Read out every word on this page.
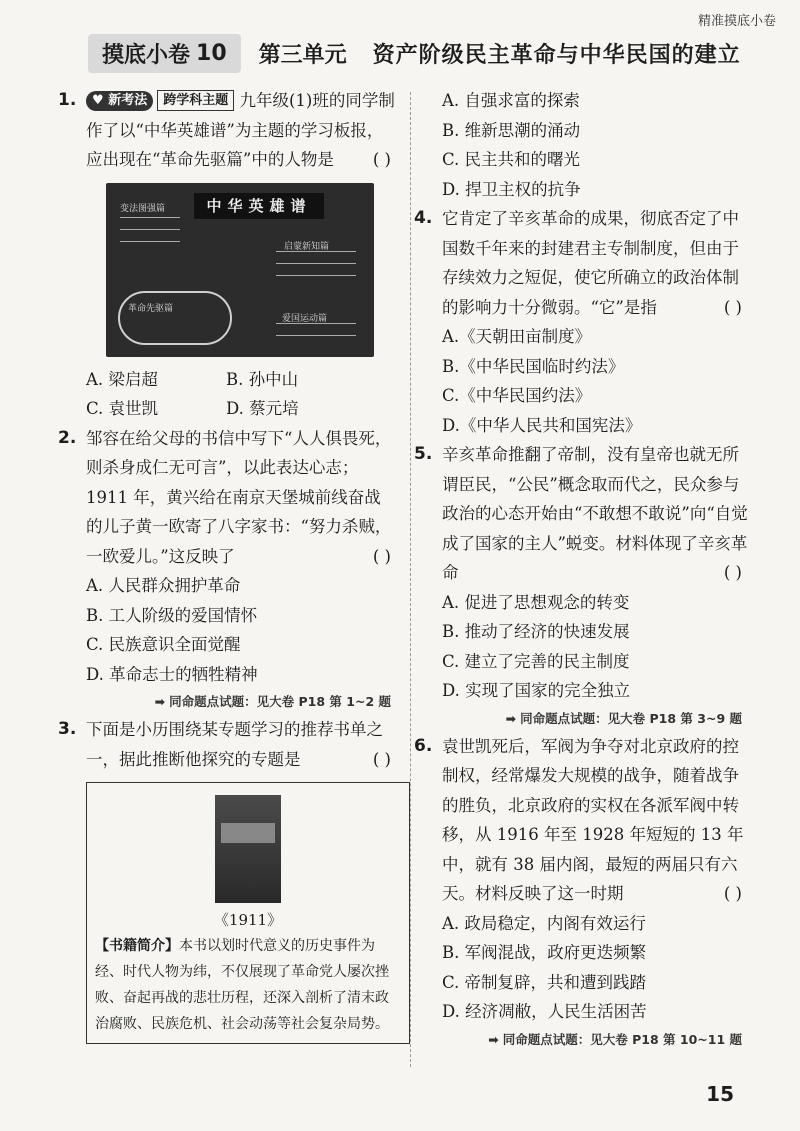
精准摸底小卷
摸底小卷 10 第三单元 资产阶级民主革命与中华民国的建立
1.	♥ 新考法 跨学科主题 九年级(1)班的同学制作了以“中华英雄谱”为主题的学习板报，应出现在“革命先驱篇”中的人物是 ( )
中华英雄谱
变法图强篇
启蒙新知篇
革命先驱篇
爱国运动篇
A. 梁启超	B. 孙中山
C. 袁世凯	D. 蔡元培
2. 邹容在给父母的书信中写下“人人俱畏死，则杀身成仁无可言”，以此表达心志；1911 年，黄兴给在南京天堡城前线奋战的儿子黄一欧寄了八字家书：“努力杀贼，一欧爱儿。”这反映了	( )
A. 人民群众拥护革命
B. 工人阶级的爱国情怀
C. 民族意识全面觉醒
D. 革命志士的牺牲精神
➡ 同命题点试题：见大卷 P18 第 1~2 题
3. 下面是小历围绕某专题学习的推荐书单之一，据此推断他探究的专题是	( )
《1911》
【书籍简介】本书以划时代意义的历史事件为经、时代人物为纬，不仅展现了革命党人屡次挫败、奋起再战的悲壮历程，还深入剖析了清末政治腐败、民族危机、社会动荡等社会复杂局势。
A. 自强求富的探索
B. 维新思潮的涌动
C. 民主共和的曙光
D. 捍卫主权的抗争
4. 它肯定了辛亥革命的成果，彻底否定了中国数千年来的封建君主专制制度，但由于存续效力之短促，使它所确立的政治体制的影响力十分微弱。“它”是指	( )
A.《天朝田亩制度》
B.《中华民国临时约法》
C.《中华民国约法》
D.《中华人民共和国宪法》
5. 辛亥革命推翻了帝制，没有皇帝也就无所谓臣民，“公民”概念取而代之，民众参与政治的心态开始由“不敢想不敢说”向“自觉成了国家的主人”蜕变。材料体现了辛亥革命	( )
A. 促进了思想观念的转变
B. 推动了经济的快速发展
C. 建立了完善的民主制度
D. 实现了国家的完全独立
➡ 同命题点试题：见大卷 P18 第 3~9 题
6. 袁世凯死后，军阀为争夺对北京政府的控制权，经常爆发大规模的战争，随着战争的胜负，北京政府的实权在各派军阀中转移，从 1916 年至 1928 年短短的 13 年中，就有 38 届内阁，最短的两届只有六天。材料反映了这一时期	( )
A. 政局稳定，内阁有效运行
B. 军阀混战，政府更迭频繁
C. 帝制复辟，共和遭到践踏
D. 经济凋敝，人民生活困苦
➡ 同命题点试题：见大卷 P18 第 10~11 题
15
